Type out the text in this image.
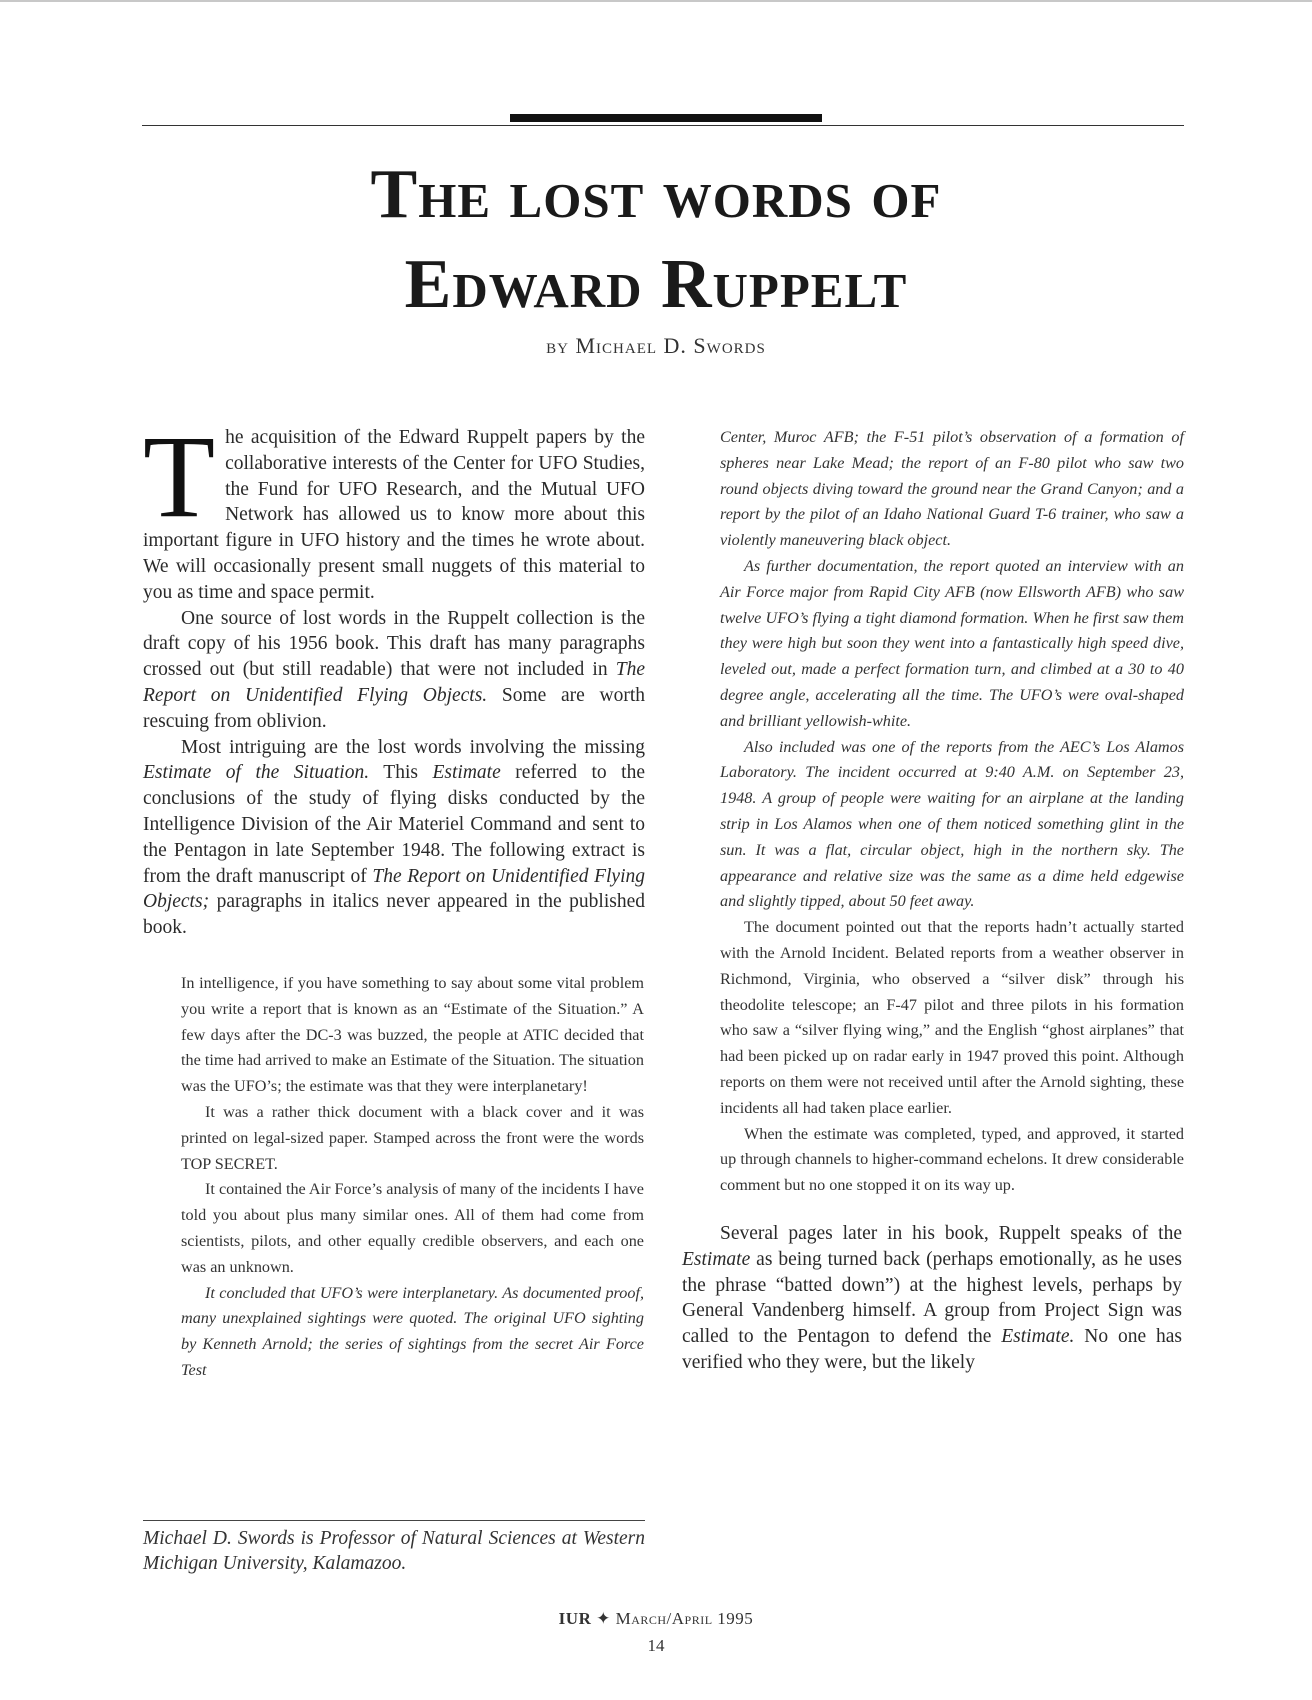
The lost words of
Edward Ruppelt
by Michael D. Swords

The acquisition of the Edward Ruppelt papers by the collaborative interests of the Center for UFO Studies, the Fund for UFO Research, and the Mutual UFO Network has allowed us to know more about this important figure in UFO history and the times he wrote about. We will occasionally present small nuggets of this material to you as time and space permit.

One source of lost words in the Ruppelt collection is the draft copy of his 1956 book. This draft has many paragraphs crossed out (but still readable) that were not included in The Report on Unidentified Flying Objects. Some are worth rescuing from oblivion.

Most intriguing are the lost words involving the missing Estimate of the Situation. This Estimate referred to the conclusions of the study of flying disks conducted by the Intelligence Division of the Air Materiel Command and sent to the Pentagon in late September 1948. The following extract is from the draft manuscript of The Report on Unidentified Flying Objects; paragraphs in italics never appeared in the published book.

In intelligence, if you have something to say about some vital problem you write a report that is known as an “Estimate of the Situation.” A few days after the DC-3 was buzzed, the people at ATIC decided that the time had arrived to make an Estimate of the Situation. The situation was the UFO’s; the estimate was that they were interplanetary!

It was a rather thick document with a black cover and it was printed on legal-sized paper. Stamped across the front were the words TOP SECRET.

It contained the Air Force’s analysis of many of the incidents I have told you about plus many similar ones. All of them had come from scientists, pilots, and other equally credible observers, and each one was an unknown.

It concluded that UFO’s were interplanetary. As documented proof, many unexplained sightings were quoted. The original UFO sighting by Kenneth Arnold; the series of sightings from the secret Air Force Test

Michael D. Swords is Professor of Natural Sciences at Western Michigan University, Kalamazoo.

Center, Muroc AFB; the F-51 pilot’s observation of a formation of spheres near Lake Mead; the report of an F-80 pilot who saw two round objects diving toward the ground near the Grand Canyon; and a report by the pilot of an Idaho National Guard T-6 trainer, who saw a violently maneuvering black object.

As further documentation, the report quoted an interview with an Air Force major from Rapid City AFB (now Ellsworth AFB) who saw twelve UFO’s flying a tight diamond formation. When he first saw them they were high but soon they went into a fantastically high speed dive, leveled out, made a perfect formation turn, and climbed at a 30 to 40 degree angle, accelerating all the time. The UFO’s were oval-shaped and brilliant yellowish-white.

Also included was one of the reports from the AEC’s Los Alamos Laboratory. The incident occurred at 9:40 A.M. on September 23, 1948. A group of people were waiting for an airplane at the landing strip in Los Alamos when one of them noticed something glint in the sun. It was a flat, circular object, high in the northern sky. The appearance and relative size was the same as a dime held edgewise and slightly tipped, about 50 feet away.

The document pointed out that the reports hadn’t actually started with the Arnold Incident. Belated reports from a weather observer in Richmond, Virginia, who observed a “silver disk” through his theodolite telescope; an F-47 pilot and three pilots in his formation who saw a “silver flying wing,” and the English “ghost airplanes” that had been picked up on radar early in 1947 proved this point. Although reports on them were not received until after the Arnold sighting, these incidents all had taken place earlier.

When the estimate was completed, typed, and approved, it started up through channels to higher-command echelons. It drew considerable comment but no one stopped it on its way up.

Several pages later in his book, Ruppelt speaks of the Estimate as being turned back (perhaps emotionally, as he uses the phrase “batted down”) at the highest levels, perhaps by General Vandenberg himself. A group from Project Sign was called to the Pentagon to defend the Estimate. No one has verified who they were, but the likely

IUR ✦ March/April 1995
14
